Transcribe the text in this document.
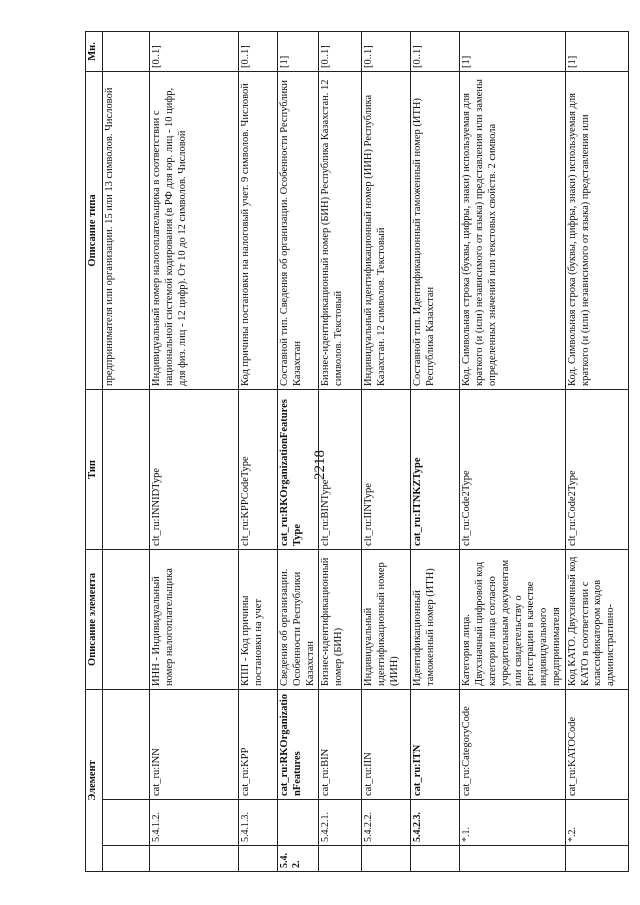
2218
Элемент			Описание элемента	Тип	Описание типа	Мн.
					предпринимателя или организации. 15 или 13 символов. Числовой	
	5.4.1.2.	cat_ru:INN	ИНН - Индивидуальный номер налогоплательщика	clt_ru:INNIDType	Индивидуальный номер налогоплательщика в соответствии с национальной системой кодирования (в РФ для юр. лиц - 10 цифр, для физ. лиц - 12 цифр). От 10 до 12 символов. Числовой	[0..1]
	5.4.1.3.	cat_ru:KPP	КПП - Код причины постановки на учет	clt_ru:KPPCodeType	Код причины постановки на налоговый учет. 9 символов. Числовой	[0..1]
5.4.2.		cat_ru:RKOrganizationFeatures	Сведения об организации. Особенности Республики Казахстан	cat_ru:RKOrganizationFeaturesType	Составной тип. Сведения об организации. Особенности Республики Казахстан	[1]
	5.4.2.1.	cat_ru:BIN	Бизнес-идентификационный номер (БИН)	clt_ru:BINType	Бизнес-идентификационный номер (БИН) Республика Казахстан. 12 символов. Текстовый	[0..1]
	5.4.2.2.	cat_ru:IIN	Индивидуальный идентификационный номер (ИИН)	clt_ru:IINType	Индивидуальный идентификационный номер (ИИН) Республика Казахстан. 12 символов. Текстовый	[0..1]
	5.4.2.3.	cat_ru:ITN	Идентификационный таможенный номер (ИТН)	cat_ru:ITNKZType	Составной тип. Идентификационный таможенный номер (ИТН) Республика Казахстан	[0..1]
	*.1.	cat_ru:CategoryCode	Категория лица. Двухзначный цифровой код категории лица согласно учредительным документам или свидетельству о регистрации в качестве индивидуального предпринимателя	clt_ru:Code2Type	Код. Символьная строка (буквы, цифры, знаки) используемая для краткого (и (или) независимого от языка) представления или замены определенных значений или текстовых свойств. 2 символа	[1]
	*.2.	cat_ru:KATOCode	Код КАТО. Двухзначный код КАТО в соответствии с классификатором кодов административно-	clt_ru:Code2Type	Код. Символьная строка (буквы, цифры, знаки) используемая для краткого (и (или) независимого от языка) представления или	[1]
